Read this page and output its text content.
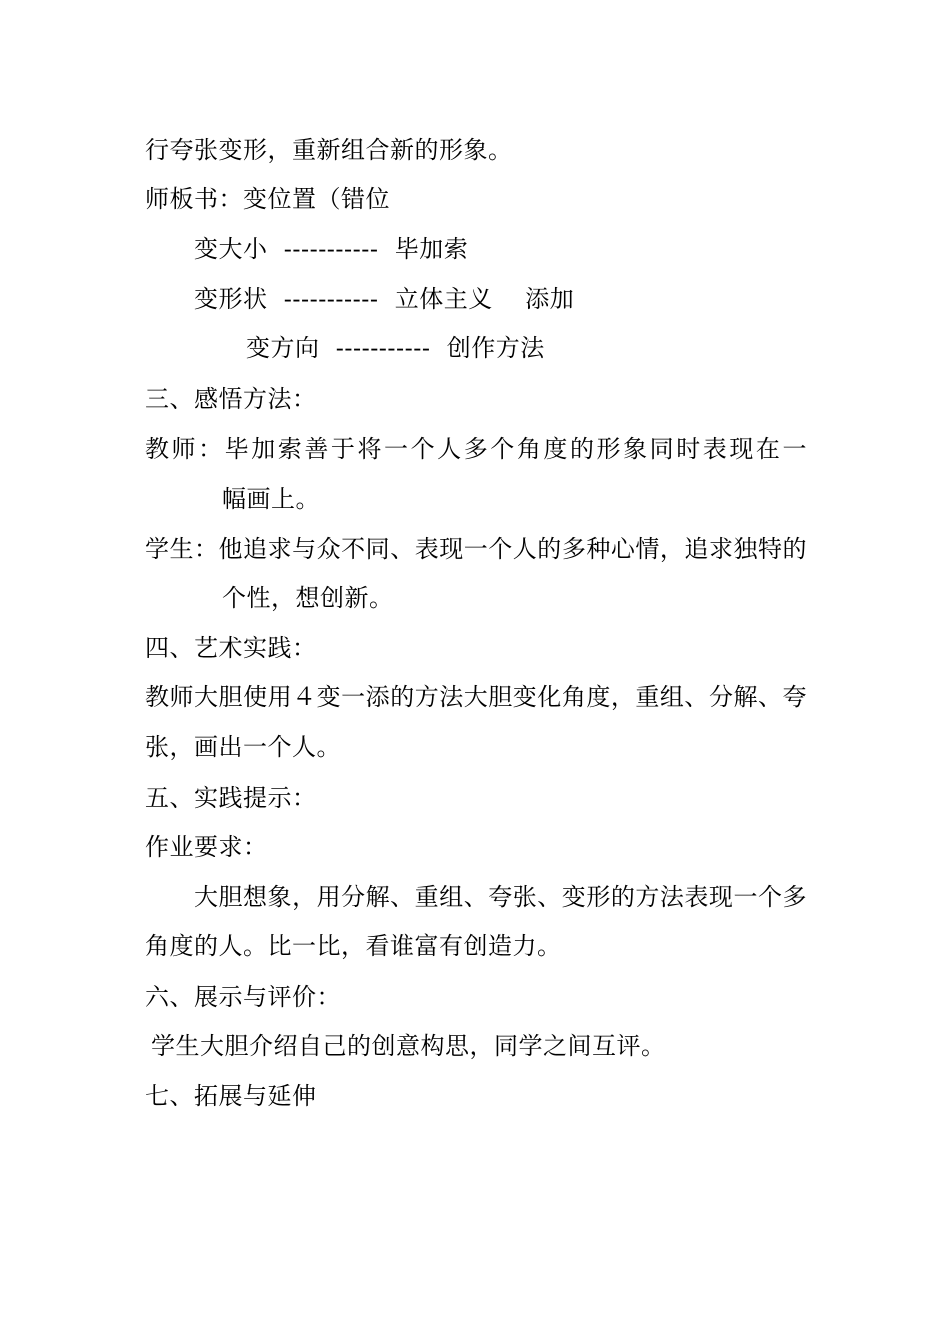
行夸张变形，重新组合新的形象。
师板书：变位置（错位
变大小  -----------  毕加索
变形状  -----------  立体主义    添加
变方向  -----------  创作方法
三、感悟方法：
教师：毕加索善于将一个人多个角度的形象同时表现在一
幅画上。
学生：他追求与众不同、表现一个人的多种心情，追求独特的
个性，想创新。
四、艺术实践：
教师大胆使用４变一添的方法大胆变化角度，重组、分解、夸
张，画出一个人。
五、实践提示：
作业要求：
大胆想象，用分解、重组、夸张、变形的方法表现一个多
角度的人。比一比，看谁富有创造力。
六、展示与评价：
学生大胆介绍自己的创意构思，同学之间互评。
七、拓展与延伸
